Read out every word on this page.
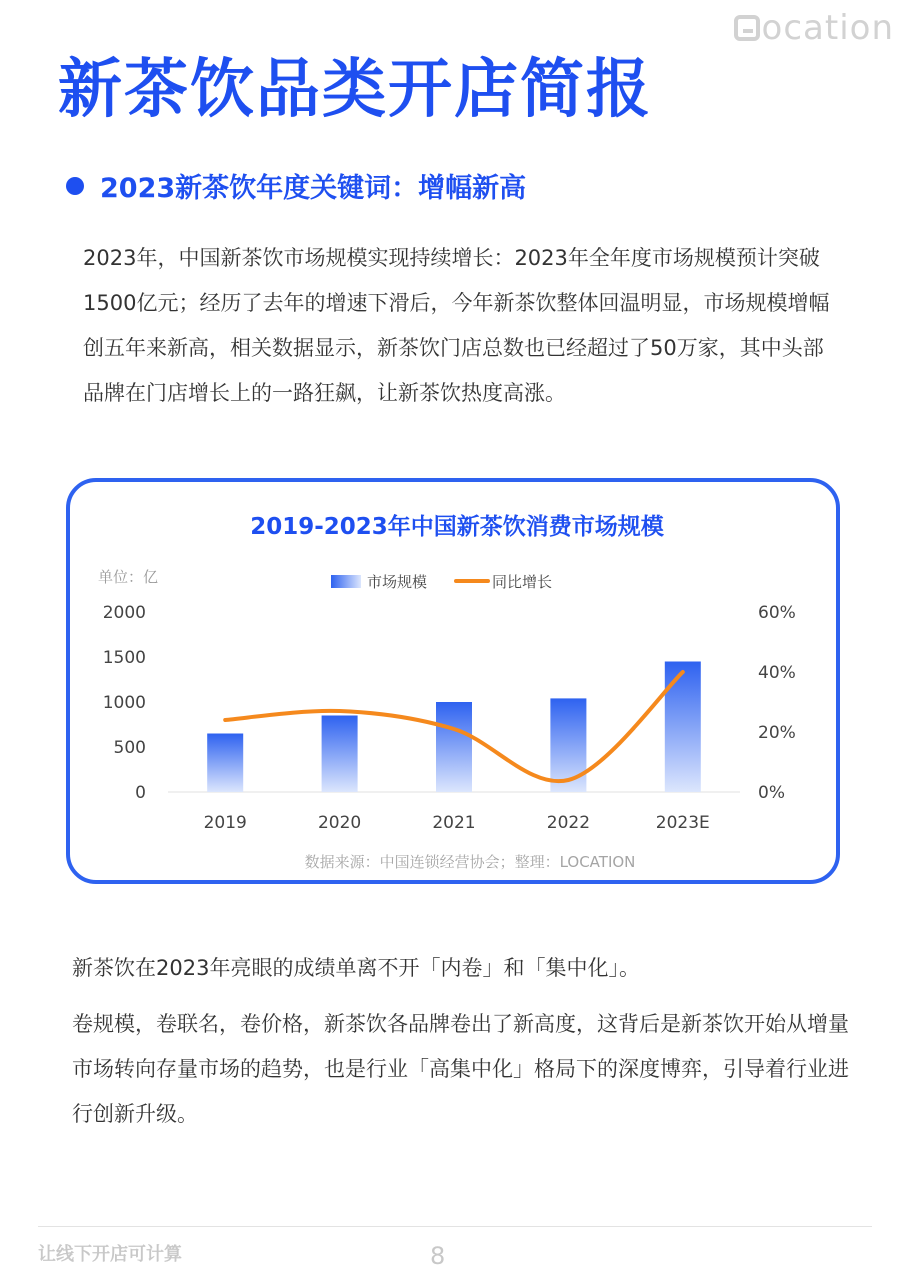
ocation
新茶饮品类开店简报
2023新茶饮年度关键词：增幅新高

2023年，中国新茶饮市场规模实现持续增长：2023年全年度市场规模预计突破1500亿元；经历了去年的增速下滑后，今年新茶饮整体回温明显，市场规模增幅创五年来新高，相关数据显示，新茶饮门店总数也已经超过了50万家，其中头部品牌在门店增长上的一路狂飙，让新茶饮热度高涨。

2019-2023年中国新茶饮消费市场规模
单位：亿	市场规模	同比增长
0
500
1000
1500
2000
0%
20%
40%
60%
2019	2020	2021	2022	2023E
数据来源：中国连锁经营协会；整理：LOCATION

新茶饮在2023年亮眼的成绩单离不开「内卷」和「集中化」。

卷规模，卷联名，卷价格，新茶饮各品牌卷出了新高度，这背后是新茶饮开始从增量市场转向存量市场的趋势，也是行业「高集中化」格局下的深度博弈，引导着行业进行创新升级。

让线下开店可计算	8
